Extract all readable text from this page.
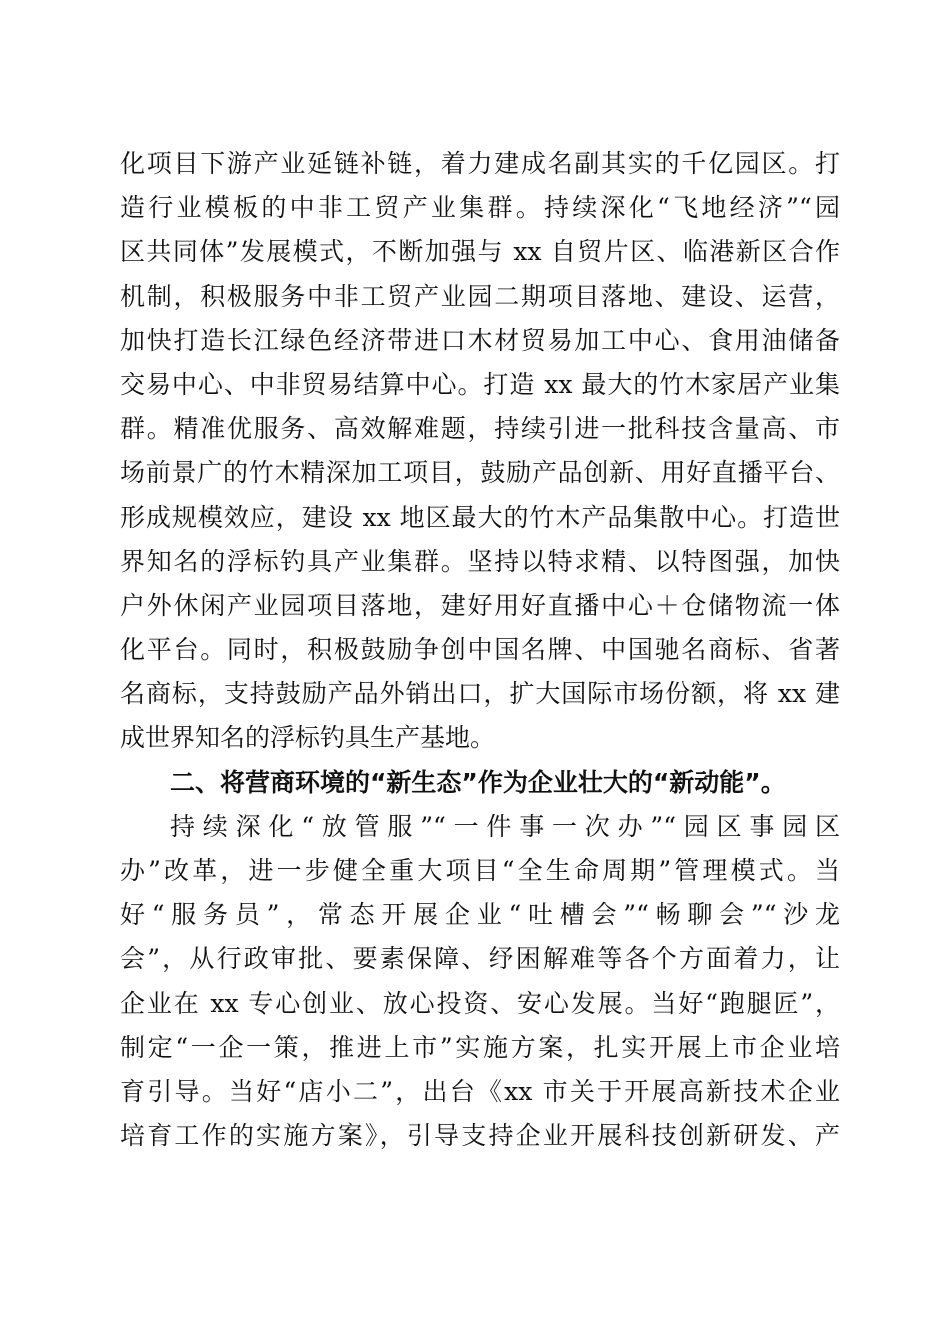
化项目下游产业延链补链，着力建成名副其实的千亿园区。打
造行业模板的中非工贸产业集群。持续深化“飞地经济”“园
区共同体”发展模式，不断加强与 xx 自贸片区、临港新区合作
机制，积极服务中非工贸产业园二期项目落地、建设、运营，
加快打造长江绿色经济带进口木材贸易加工中心、食用油储备
交易中心、中非贸易结算中心。打造 xx 最大的竹木家居产业集
群。精准优服务、高效解难题，持续引进一批科技含量高、市
场前景广的竹木精深加工项目，鼓励产品创新、用好直播平台、
形成规模效应，建设 xx 地区最大的竹木产品集散中心。打造世
界知名的浮标钓具产业集群。坚持以特求精、以特图强，加快
户外休闲产业园项目落地，建好用好直播中心＋仓储物流一体
化平台。同时，积极鼓励争创中国名牌、中国驰名商标、省著
名商标，支持鼓励产品外销出口，扩大国际市场份额，将 xx 建
成世界知名的浮标钓具生产基地。
二、将营商环境的“新生态”作为企业壮大的“新动能”。
持续深化“放管服”“一件事一次办”“园区事园区
办”改革，进一步健全重大项目“全生命周期”管理模式。当
好“服务员”，常态开展企业“吐槽会”“畅聊会”“沙龙
会”，从行政审批、要素保障、纾困解难等各个方面着力，让
企业在 xx 专心创业、放心投资、安心发展。当好“跑腿匠”，
制定“一企一策，推进上市”实施方案，扎实开展上市企业培
育引导。当好“店小二”，出台《xx 市关于开展高新技术企业
培育工作的实施方案》，引导支持企业开展科技创新研发、产
